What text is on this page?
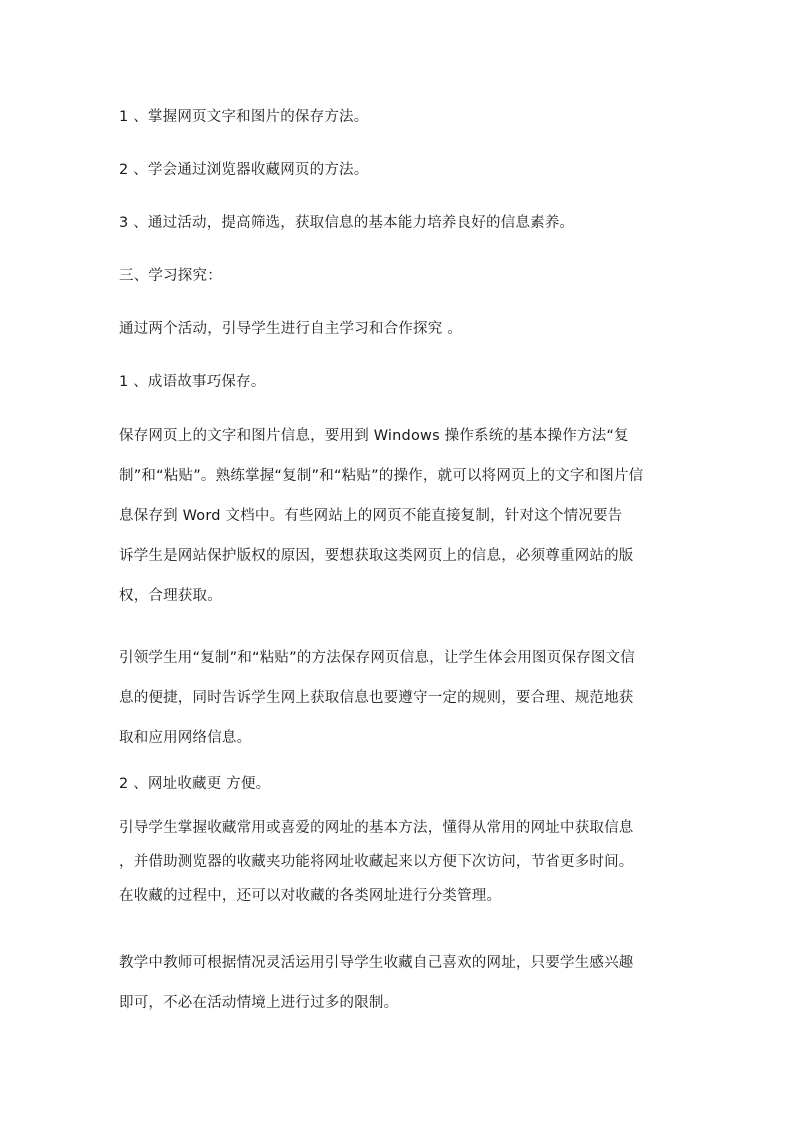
1 、掌握网页文字和图片的保存方法。
2 、学会通过浏览器收藏网页的方法。
3 、通过活动，提高筛选，获取信息的基本能力培养良好的信息素养。
三、学习探究：
通过两个活动，引导学生进行自主学习和合作探究 。
1 、成语故事巧保存。
保存网页上的文字和图片信息，要用到 Windows 操作系统的基本操作方法“复
制”和“粘贴”。熟练掌握“复制”和“粘贴”的操作，就可以将网页上的文字和图片信
息保存到 Word 文档中。有些网站上的网页不能直接复制，针对这个情况要告
诉学生是网站保护版权的原因，要想获取这类网页上的信息，必须尊重网站的版
权，合理获取。
引领学生用“复制”和“粘贴”的方法保存网页信息，让学生体会用图页保存图文信
息的便捷，同时告诉学生网上获取信息也要遵守一定的规则，要合理、规范地获
取和应用网络信息。
2 、网址收藏更 方便。
引导学生掌握收藏常用或喜爱的网址的基本方法，懂得从常用的网址中获取信息
，并借助测览器的收藏夹功能将网址收藏起来以方便下次访问，节省更多时间。
在收藏的过程中，还可以对收藏的各类网址进行分类管理。
教学中教师可根据情况灵活运用引导学生收藏自己喜欢的网址，只要学生感兴趣
即可，不必在活动情境上进行过多的限制。
